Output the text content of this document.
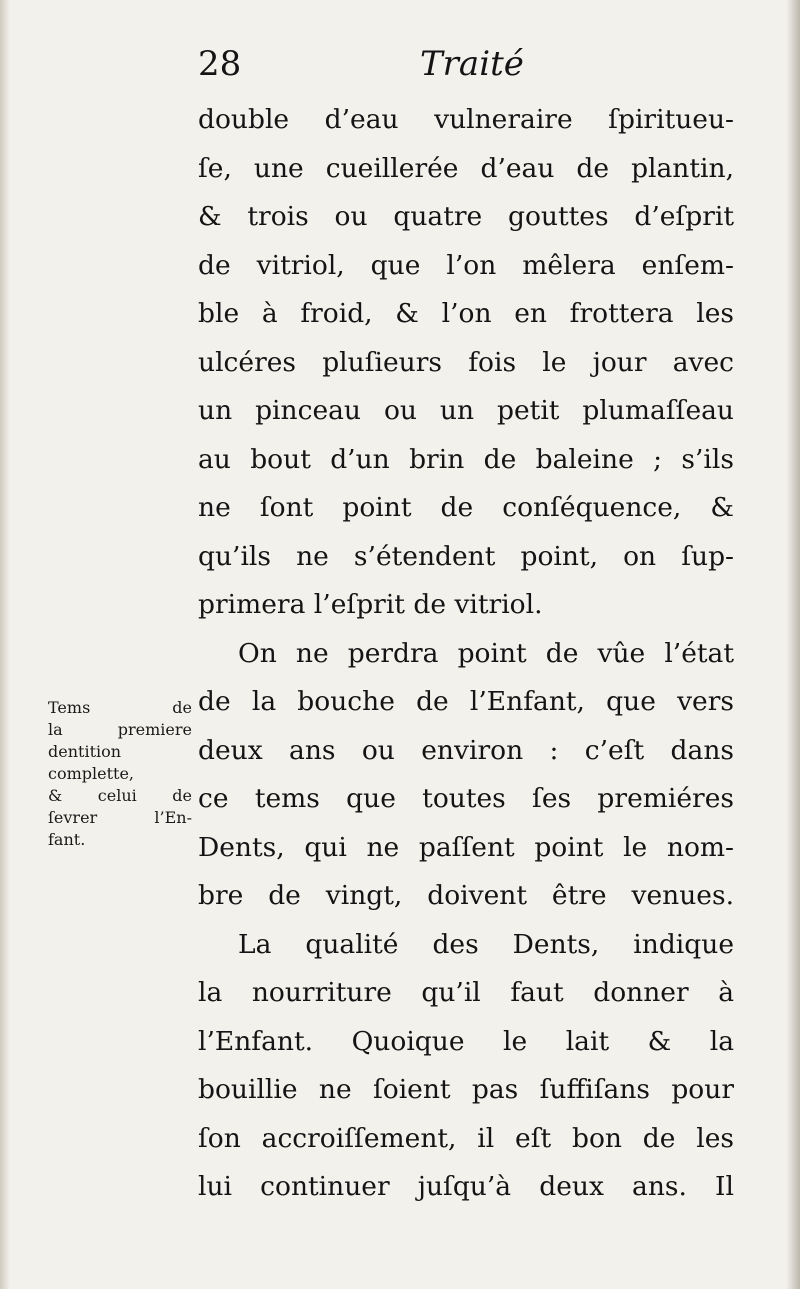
28	Traité
double d’eau vulneraire ſpiritueu-
ſe, une cueillerée d’eau de plantin,
& trois ou quatre gouttes d’eſprit
de vitriol, que l’on mêlera enſem-
ble à froid, & l’on en frottera les
ulcéres pluſieurs fois le jour avec
un pinceau ou un petit plumaſſeau
au bout d’un brin de baleine ; s’ils
ne ſont point de conſéquence, &
qu’ils ne s’étendent point, on ſup-
primera l’eſprit de vitriol.
On ne perdra point de vûe l’état
de la bouche de l’Enfant, que vers
deux ans ou environ : c’eſt dans
ce tems que toutes ſes premiéres
Dents, qui ne paſſent point le nom-
bre de vingt, doivent être venues.
La qualité des Dents, indique
la nourriture qu’il faut donner à
l’Enfant. Quoique le lait & la
bouillie ne ſoient pas ſuffiſans pour
ſon accroiſſement, il eſt bon de les
lui continuer juſqu’à deux ans. Il
Tems de
la premiere
dentition
complette,
& celui de
ſevrer l’En-
fant.
